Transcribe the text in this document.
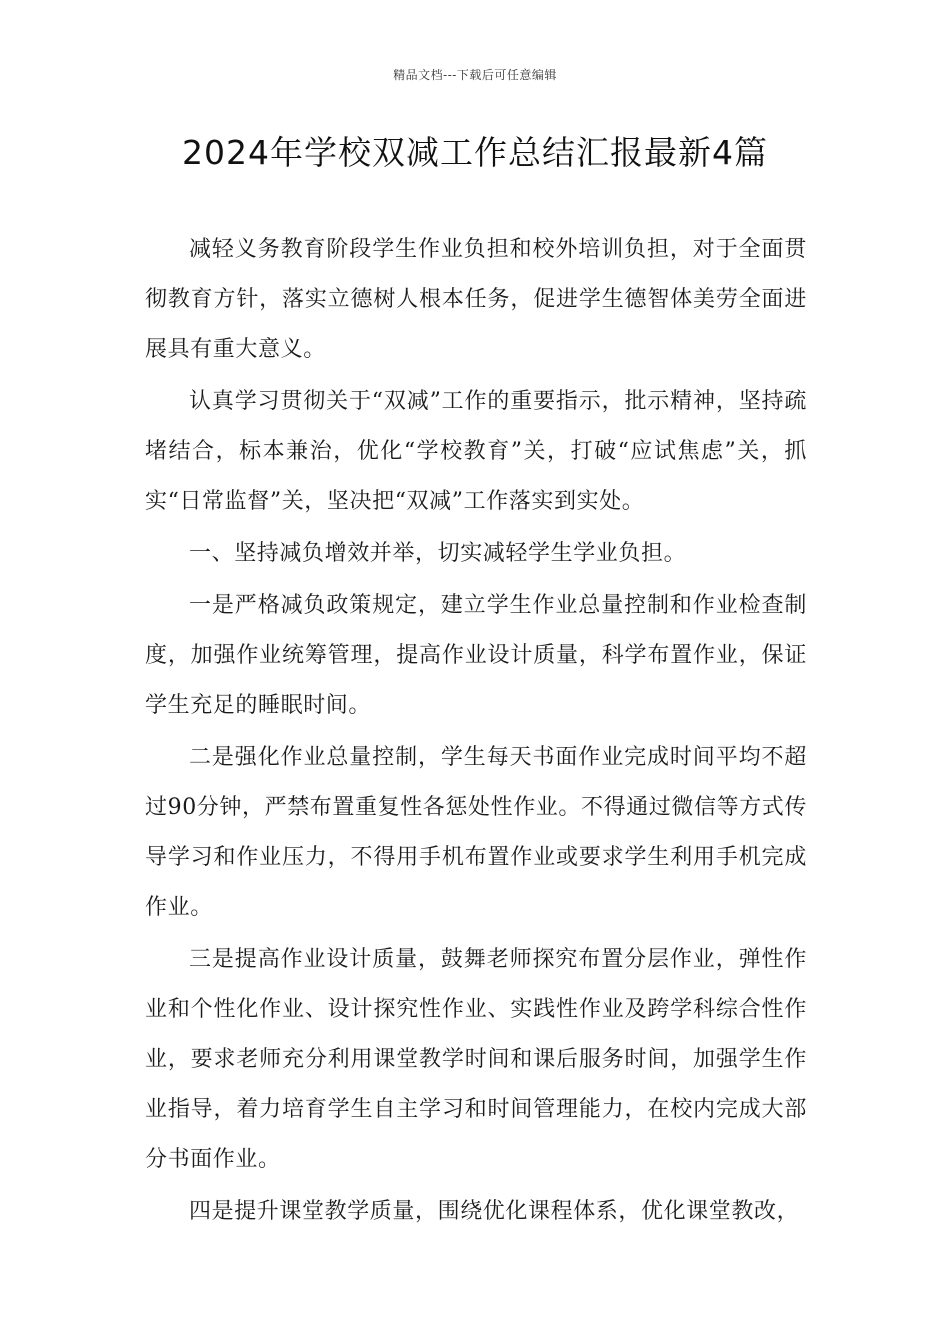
精品文档---下载后可任意编辑
2024年学校双减工作总结汇报最新4篇

减轻义务教育阶段学生作业负担和校外培训负担，对于全面贯彻教育方针，落实立德树人根本任务，促进学生德智体美劳全面进展具有重大意义。

认真学习贯彻关于“双减”工作的重要指示，批示精神，坚持疏堵结合，标本兼治，优化“学校教育”关，打破“应试焦虑”关，抓实“日常监督”关，坚决把“双减”工作落实到实处。

一、坚持减负增效并举，切实减轻学生学业负担。

一是严格减负政策规定，建立学生作业总量控制和作业检查制度，加强作业统筹管理，提高作业设计质量，科学布置作业，保证学生充足的睡眠时间。

二是强化作业总量控制，学生每天书面作业完成时间平均不超过90分钟，严禁布置重复性各惩处性作业。不得通过微信等方式传导学习和作业压力，不得用手机布置作业或要求学生利用手机完成作业。

三是提高作业设计质量，鼓舞老师探究布置分层作业，弹性作业和个性化作业、设计探究性作业、实践性作业及跨学科综合性作业，要求老师充分利用课堂教学时间和课后服务时间，加强学生作业指导，着力培育学生自主学习和时间管理能力，在校内完成大部分书面作业。

四是提升课堂教学质量，围绕优化课程体系，优化课堂教改，
